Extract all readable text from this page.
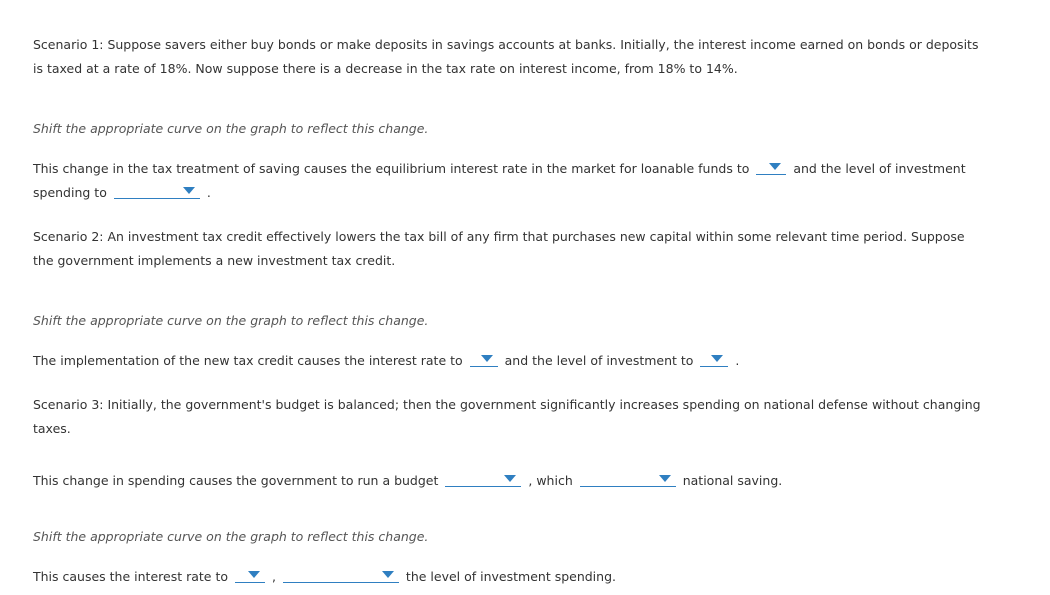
Scenario 1: Suppose savers either buy bonds or make deposits in savings accounts at banks. Initially, the interest income earned on bonds or deposits
is taxed at a rate of 18%. Now suppose there is a decrease in the tax rate on interest income, from 18% to 14%.
Shift the appropriate curve on the graph to reflect this change.
This change in the tax treatment of saving causes the equilibrium interest rate in the market for loanable funds to	and the level of investment
spending to	.
Scenario 2: An investment tax credit effectively lowers the tax bill of any firm that purchases new capital within some relevant time period. Suppose
the government implements a new investment tax credit.
Shift the appropriate curve on the graph to reflect this change.
The implementation of the new tax credit causes the interest rate to	and the level of investment to	.
Scenario 3: Initially, the government's budget is balanced; then the government significantly increases spending on national defense without changing
taxes.
This change in spending causes the government to run a budget	, which	national saving.
Shift the appropriate curve on the graph to reflect this change.
This causes the interest rate to	,	the level of investment spending.
